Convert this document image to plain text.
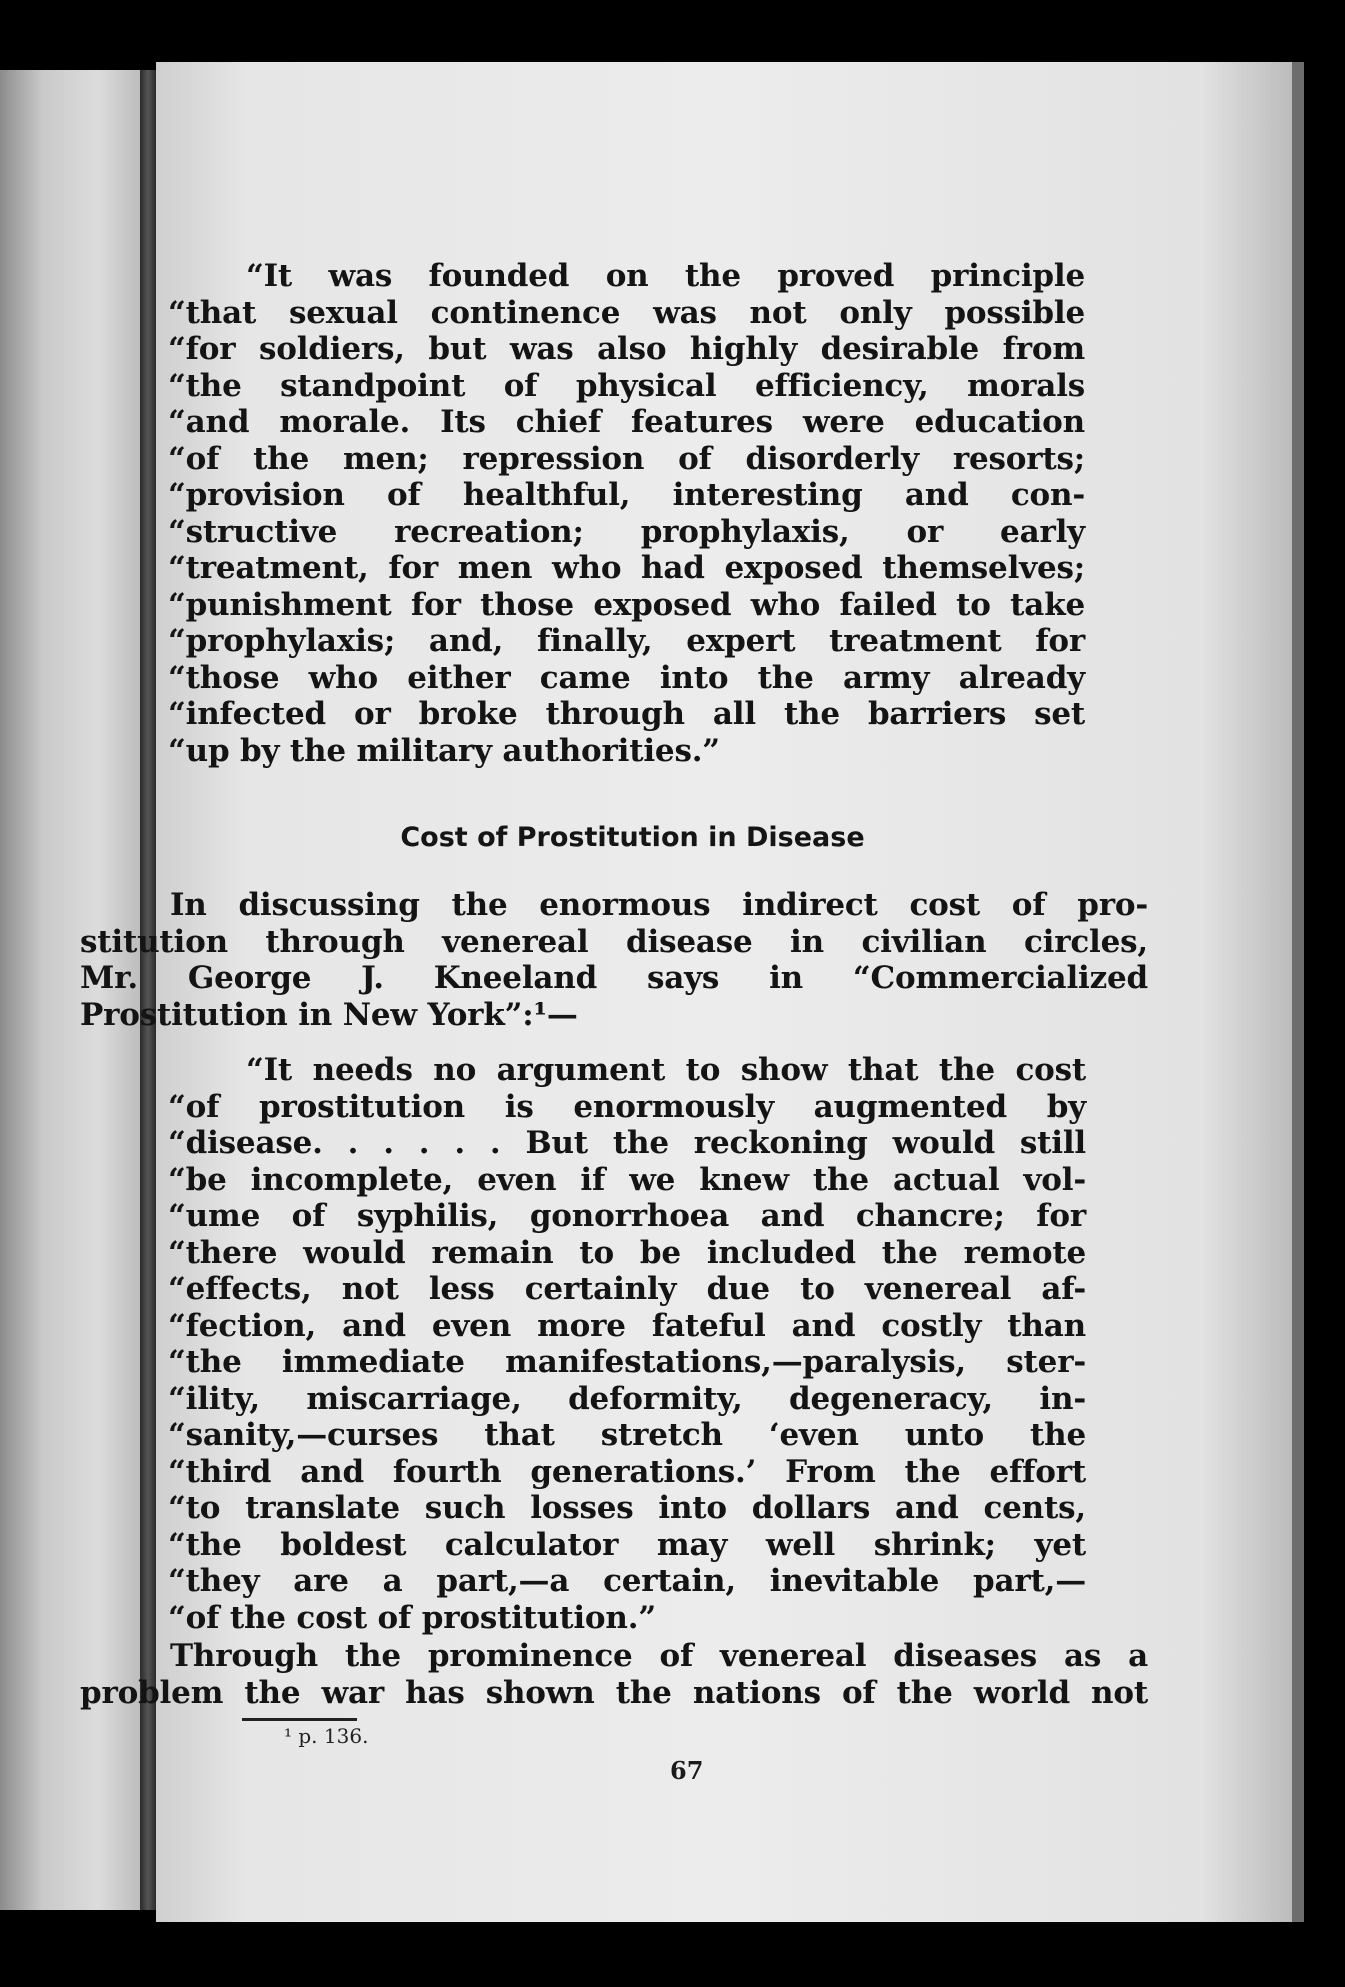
“It was founded on the proved principle
“that sexual continence was not only possible
“for soldiers, but was also highly desirable from
“the standpoint of physical efficiency, morals
“and morale. Its chief features were education
“of the men; repression of disorderly resorts;
“provision of healthful, interesting and con-
“structive recreation; prophylaxis, or early
“treatment, for men who had exposed themselves;
“punishment for those exposed who failed to take
“prophylaxis; and, finally, expert treatment for
“those who either came into the army already
“infected or broke through all the barriers set
“up by the military authorities.”
Cost of Prostitution in Disease
In discussing the enormous indirect cost of pro-
stitution through venereal disease in civilian circles,
Mr. George J. Kneeland says in “Commercialized
Prostitution in New York”:¹—
“It needs no argument to show that the cost
“of prostitution is enormously augmented by
“disease. . . . . . But the reckoning would still
“be incomplete, even if we knew the actual vol-
“ume of syphilis, gonorrhoea and chancre; for
“there would remain to be included the remote
“effects, not less certainly due to venereal af-
“fection, and even more fateful and costly than
“the immediate manifestations,—paralysis, ster-
“ility, miscarriage, deformity, degeneracy, in-
“sanity,—curses that stretch ‘even unto the
“third and fourth generations.’ From the effort
“to translate such losses into dollars and cents,
“the boldest calculator may well shrink; yet
“they are a part,—a certain, inevitable part,—
“of the cost of prostitution.”
Through the prominence of venereal diseases as a
problem the war has shown the nations of the world not
¹ p. 136.
67
